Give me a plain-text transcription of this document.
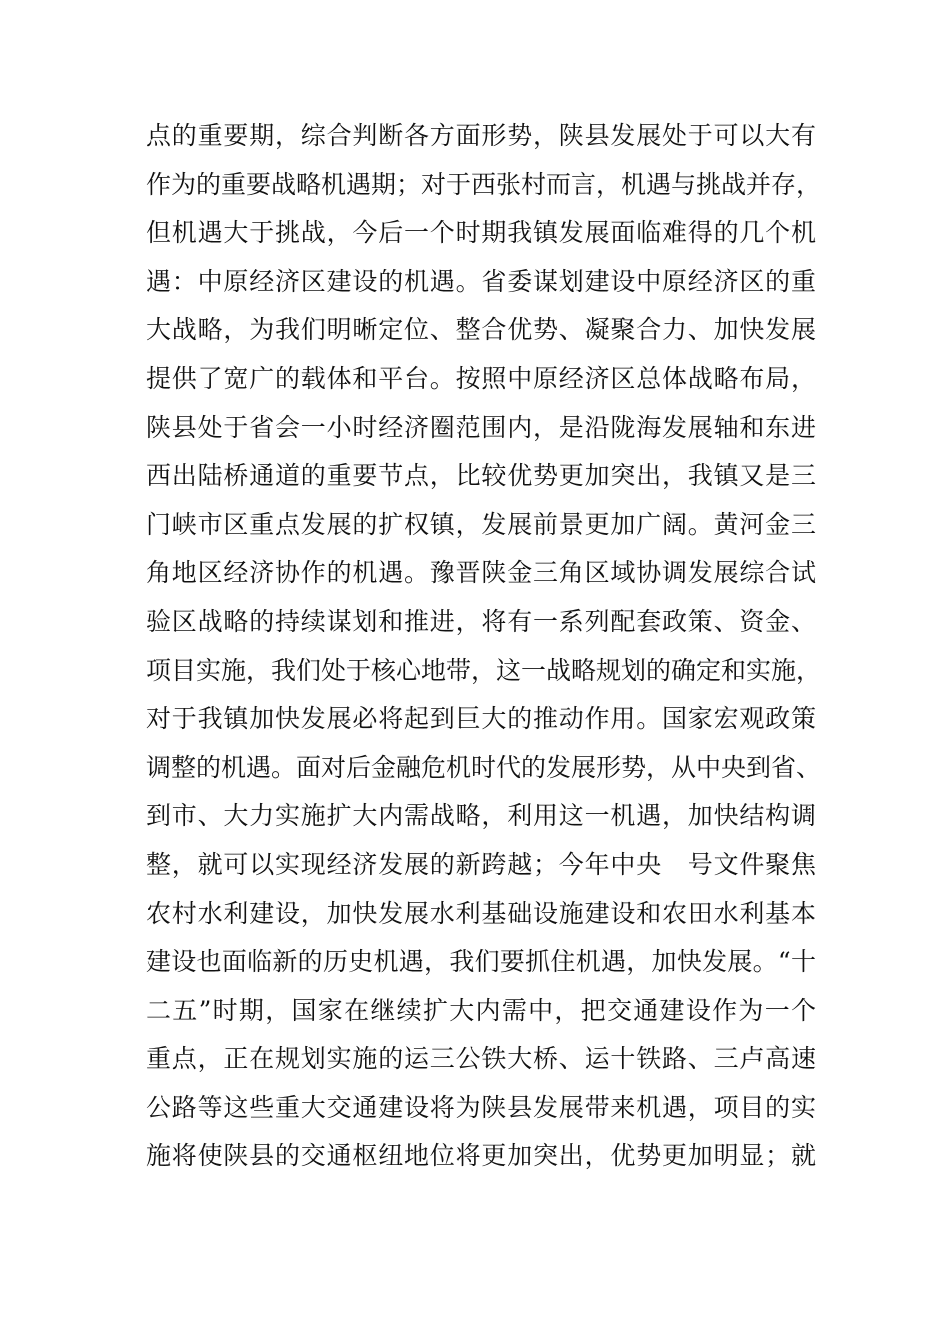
点的重要期，综合判断各方面形势，陕县发展处于可以大有
作为的重要战略机遇期；对于西张村而言，机遇与挑战并存，
但机遇大于挑战，今后一个时期我镇发展面临难得的几个机
遇：中原经济区建设的机遇。省委谋划建设中原经济区的重
大战略，为我们明晰定位、整合优势、凝聚合力、加快发展
提供了宽广的载体和平台。按照中原经济区总体战略布局，
陕县处于省会一小时经济圈范围内，是沿陇海发展轴和东进
西出陆桥通道的重要节点，比较优势更加突出，我镇又是三
门峡市区重点发展的扩权镇，发展前景更加广阔。黄河金三
角地区经济协作的机遇。豫晋陕金三角区域协调发展综合试
验区战略的持续谋划和推进，将有一系列配套政策、资金、
项目实施，我们处于核心地带，这一战略规划的确定和实施，
对于我镇加快发展必将起到巨大的推动作用。国家宏观政策
调整的机遇。面对后金融危机时代的发展形势，从中央到省、
到市、大力实施扩大内需战略，利用这一机遇，加快结构调
整，就可以实现经济发展的新跨越；今年中央　号文件聚焦
农村水利建设，加快发展水利基础设施建设和农田水利基本
建设也面临新的历史机遇，我们要抓住机遇，加快发展。“十
二五”时期，国家在继续扩大内需中，把交通建设作为一个
重点，正在规划实施的运三公铁大桥、运十铁路、三卢高速
公路等这些重大交通建设将为陕县发展带来机遇，项目的实
施将使陕县的交通枢纽地位将更加突出，优势更加明显；就
